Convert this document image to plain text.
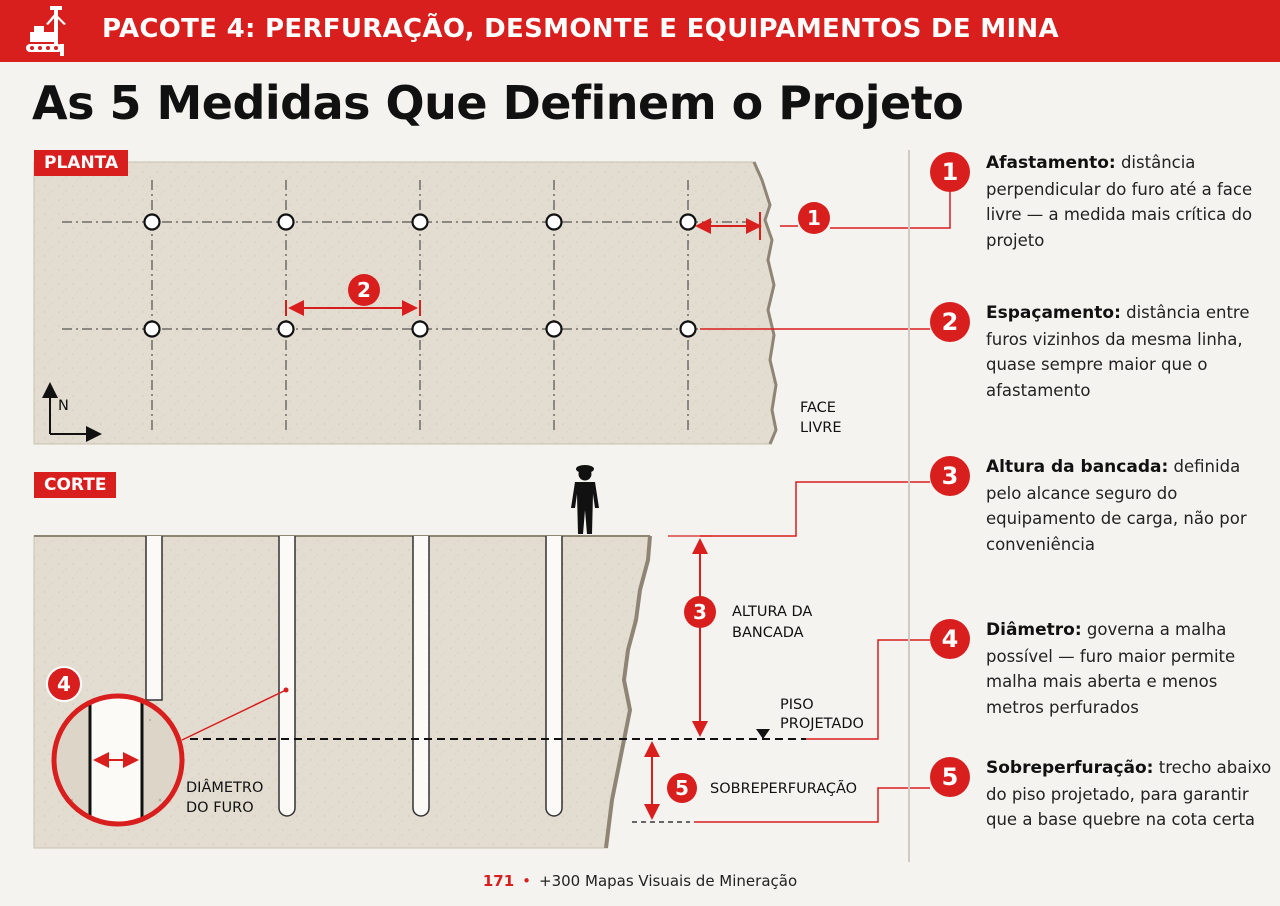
PACOTE 4: PERFURAÇÃO, DESMONTE E EQUIPAMENTOS DE MINA
As 5 Medidas Que Definem o Projeto
1
2
N	FACE
LIVRE
3 ALTURA DA
BANCADA
5 SOBREPERFURAÇÃO
PISO
PROJETADO
4
DIÂMETRO
DO FURO
PLANTA
CORTE
1	Afastamento: distância perpendicular do furo até a face livre — a medida mais crítica do projeto
2	Espaçamento: distância entre furos vizinhos da mesma linha, quase sempre maior que o afastamento
3	Altura da bancada: definida pelo alcance seguro do equipamento de carga, não por conveniência
4	Diâmetro: governa a malha possível — furo maior permite malha mais aberta e menos metros perfurados
5	Sobreperfuração: trecho abaixo do piso projetado, para garantir que a base quebre na cota certa
171 • +300 Mapas Visuais de Mineração
